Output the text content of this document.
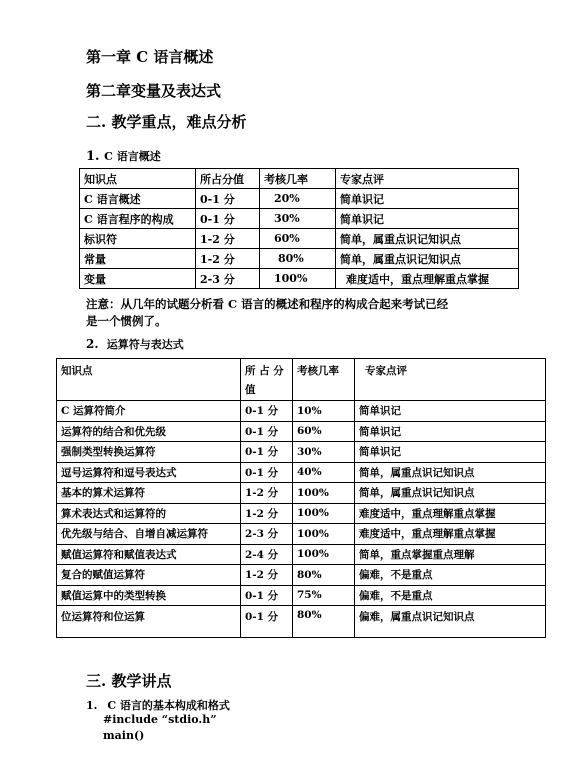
第一章 C 语言概述
第二章变量及表达式
二. 教学重点，难点分析
1. C 语言概述
知识点	所占分值	考核几率	专家点评
C 语言概述	0-1 分	20%	简单识记
C 语言程序的构成	0-1 分	30%	简单识记
标识符	1-2 分	60%	简单，属重点识记知识点
常量	1-2 分	80%	简单，属重点识记知识点
变量	2-3 分	100%	难度适中，重点理解重点掌握
注意：从几年的试题分析看 C 语言的概述和程序的构成合起来考试已经
是一个惯例了。
2. 运算符与表达式
知识点	所 占 分 值	考核几率	专家点评
C 运算符简介	0-1 分	10%	简单识记
运算符的结合和优先级	0-1 分	60%	简单识记
强制类型转换运算符	0-1 分	30%	简单识记
逗号运算符和逗号表达式	0-1 分	40%	简单，属重点识记知识点
基本的算术运算符	1-2 分	100%	简单，属重点识记知识点
算术表达式和运算符的	1-2 分	100%	难度适中，重点理解重点掌握
优先级与结合、自增自减运算符	2-3 分	100%	难度适中，重点理解重点掌握
赋值运算符和赋值表达式	2-4 分	100%	简单，重点掌握重点理解
复合的赋值运算符	1-2 分	80%	偏难，不是重点
赋值运算中的类型转换	0-1 分	75%	偏难，不是重点
位运算符和位运算	0-1 分	80%	偏难，属重点识记知识点
三. 教学讲点
1. C 语言的基本构成和格式
#include “stdio.h”
main()
